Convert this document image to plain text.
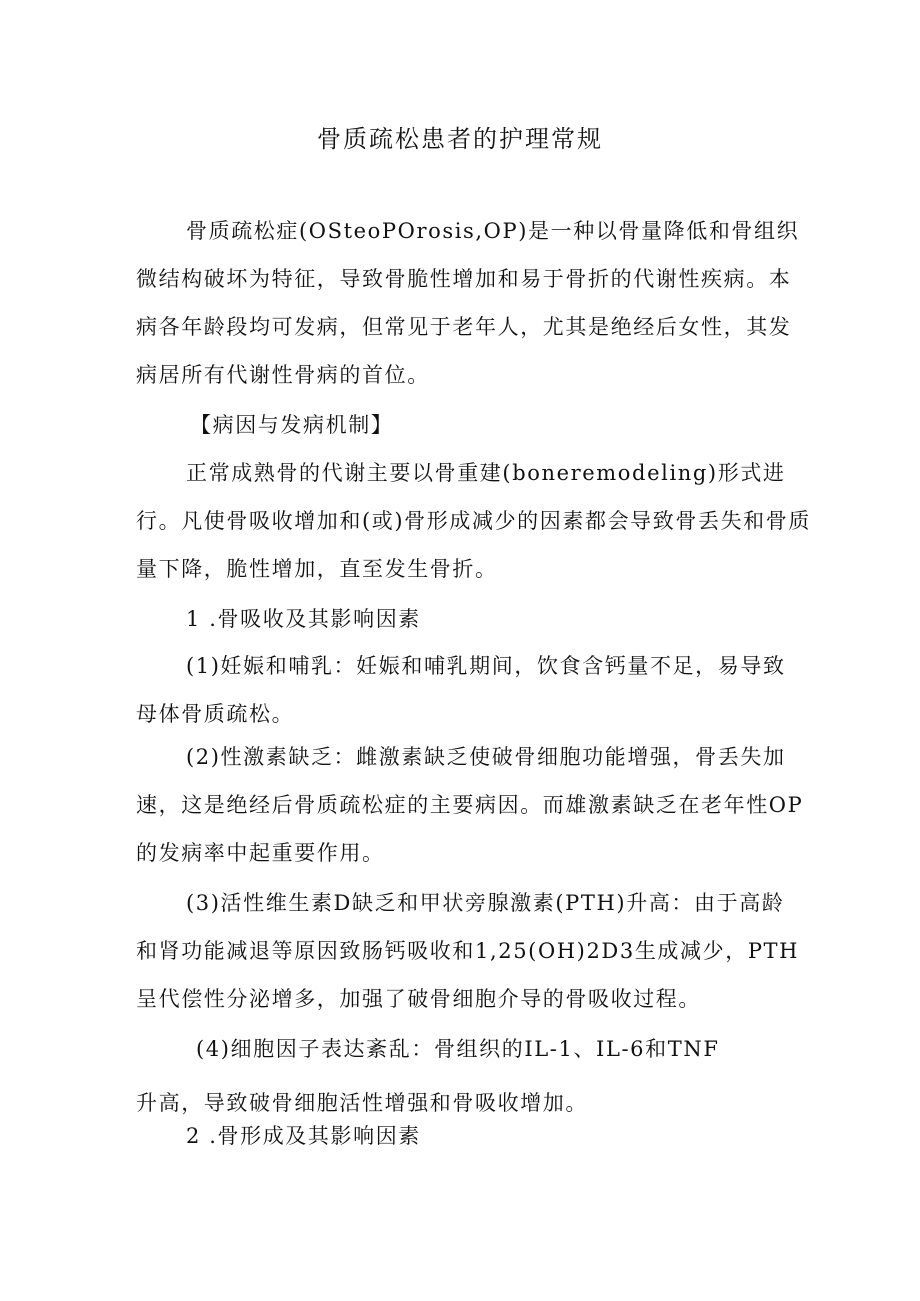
骨质疏松患者的护理常规

骨质疏松症(OSteoPOrosis,OP)是一种以骨量降低和骨组织微结构破坏为特征，导致骨脆性增加和易于骨折的代谢性疾病。本病各年龄段均可发病，但常见于老年人，尤其是绝经后女性，其发病居所有代谢性骨病的首位。

【病因与发病机制】

正常成熟骨的代谢主要以骨重建(boneremodeling)形式进行。凡使骨吸收增加和(或)骨形成减少的因素都会导致骨丢失和骨质量下降，脆性增加，直至发生骨折。

1 .骨吸收及其影响因素

(1)妊娠和哺乳：妊娠和哺乳期间，饮食含钙量不足，易导致母体骨质疏松。

(2)性激素缺乏：雌激素缺乏使破骨细胞功能增强，骨丢失加速，这是绝经后骨质疏松症的主要病因。而雄激素缺乏在老年性OP的发病率中起重要作用。

(3)活性维生素D缺乏和甲状旁腺激素(PTH)升高：由于高龄和肾功能减退等原因致肠钙吸收和1,25(OH)2D3生成减少，PTH呈代偿性分泌增多，加强了破骨细胞介导的骨吸收过程。

(4)细胞因子表达紊乱：骨组织的IL-1、IL-6和TNF

升高，导致破骨细胞活性增强和骨吸收增加。

2 .骨形成及其影响因素
